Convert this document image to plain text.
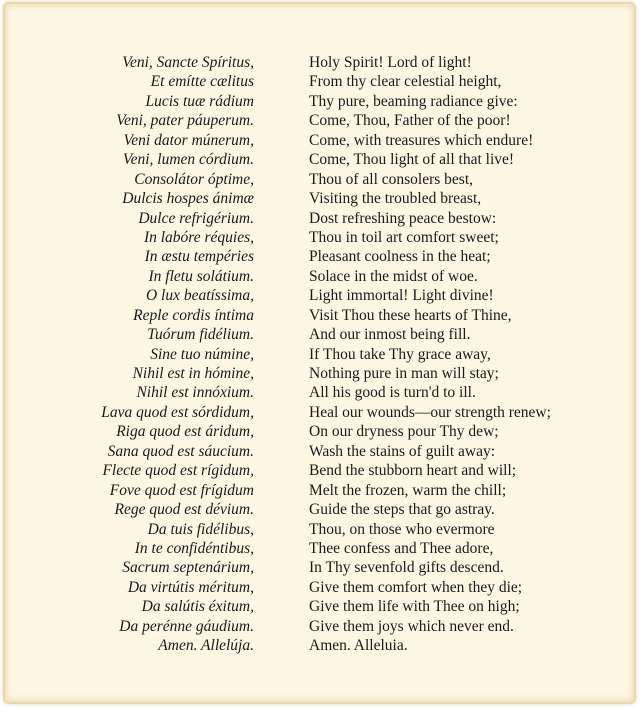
Veni, Sancte Spíritus,	Holy Spirit! Lord of light!
Et emítte cælitus	From thy clear celestial height,
Lucis tuæ rádium	Thy pure, beaming radiance give:
Veni, pater páuperum.	Come, Thou, Father of the poor!
Veni dator múnerum,	Come, with treasures which endure!
Veni, lumen córdium.	Come, Thou light of all that live!
Consolátor óptime,	Thou of all consolers best,
Dulcis hospes ánimæ	Visiting the troubled breast,
Dulce refrigérium.	Dost refreshing peace bestow:
In labóre réquies,	Thou in toil art comfort sweet;
In æstu tempéries	Pleasant coolness in the heat;
In fletu solátium.	Solace in the midst of woe.
O lux beatíssima,	Light immortal! Light divine!
Reple cordis íntima	Visit Thou these hearts of Thine,
Tuórum fidélium.	And our inmost being fill.
Sine tuo númine,	If Thou take Thy grace away,
Nihil est in hómine,	Nothing pure in man will stay;
Nihil est innóxium.	All his good is turn'd to ill.
Lava quod est sórdidum,	Heal our wounds—our strength renew;
Riga quod est áridum,	On our dryness pour Thy dew;
Sana quod est sáucium.	Wash the stains of guilt away:
Flecte quod est rígidum,	Bend the stubborn heart and will;
Fove quod est frígidum	Melt the frozen, warm the chill;
Rege quod est dévium.	Guide the steps that go astray.
Da tuis fidélibus,	Thou, on those who evermore
In te confidéntibus,	Thee confess and Thee adore,
Sacrum septenárium,	In Thy sevenfold gifts descend.
Da virtútis méritum,	Give them comfort when they die;
Da salútis éxitum,	Give them life with Thee on high;
Da perénne gáudium.	Give them joys which never end.
Amen. Allelúja.	Amen. Alleluia.
